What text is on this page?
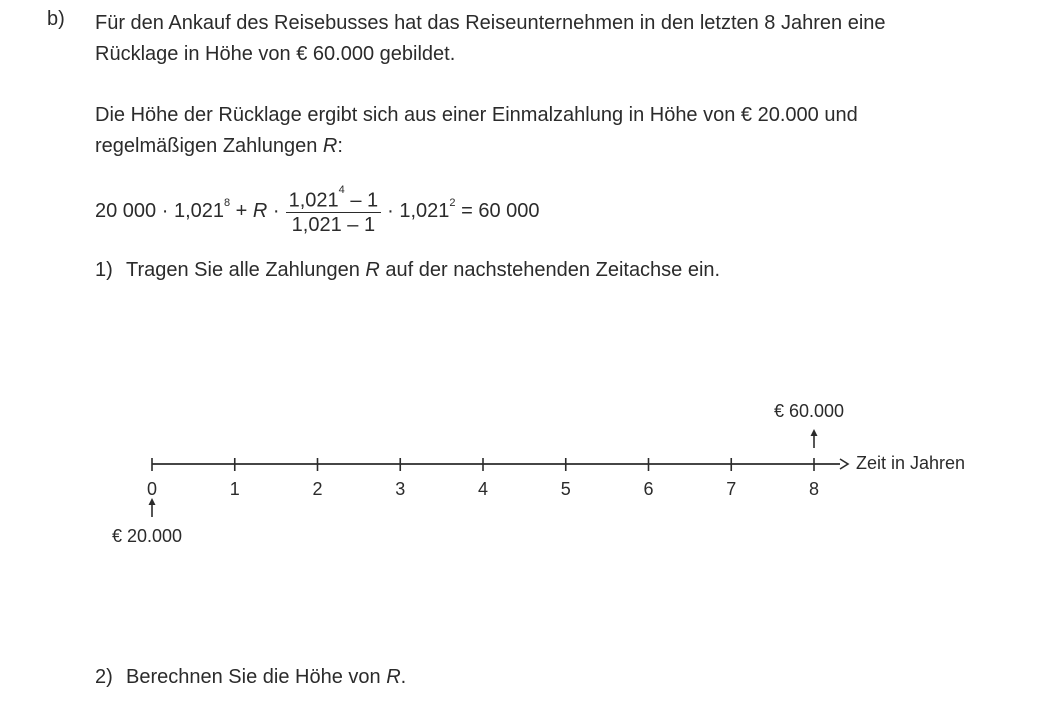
b) Für den Ankauf des Reisebusses hat das Reiseunternehmen in den letzten 8 Jahren eine
Rücklage in Höhe von € 60.000 gebildet.
Die Höhe der Rücklage ergibt sich aus einer Einmalzahlung in Höhe von € 20.000 und
regelmäßigen Zahlungen R:
20 $000 \cdot 1,021^8 + R \cdot \frac{1,021^4 - 1}{1,021 - 1} \cdot 1,021^2 = 60$ 000
1) Tragen Sie alle Zahlungen R auf der nachstehenden Zeitachse ein.
0	1	2	3	4	5	6	7	8
Zeit in Jahren
€ 20.000
€ 60.000
2) Berechnen Sie die Höhe von R.
